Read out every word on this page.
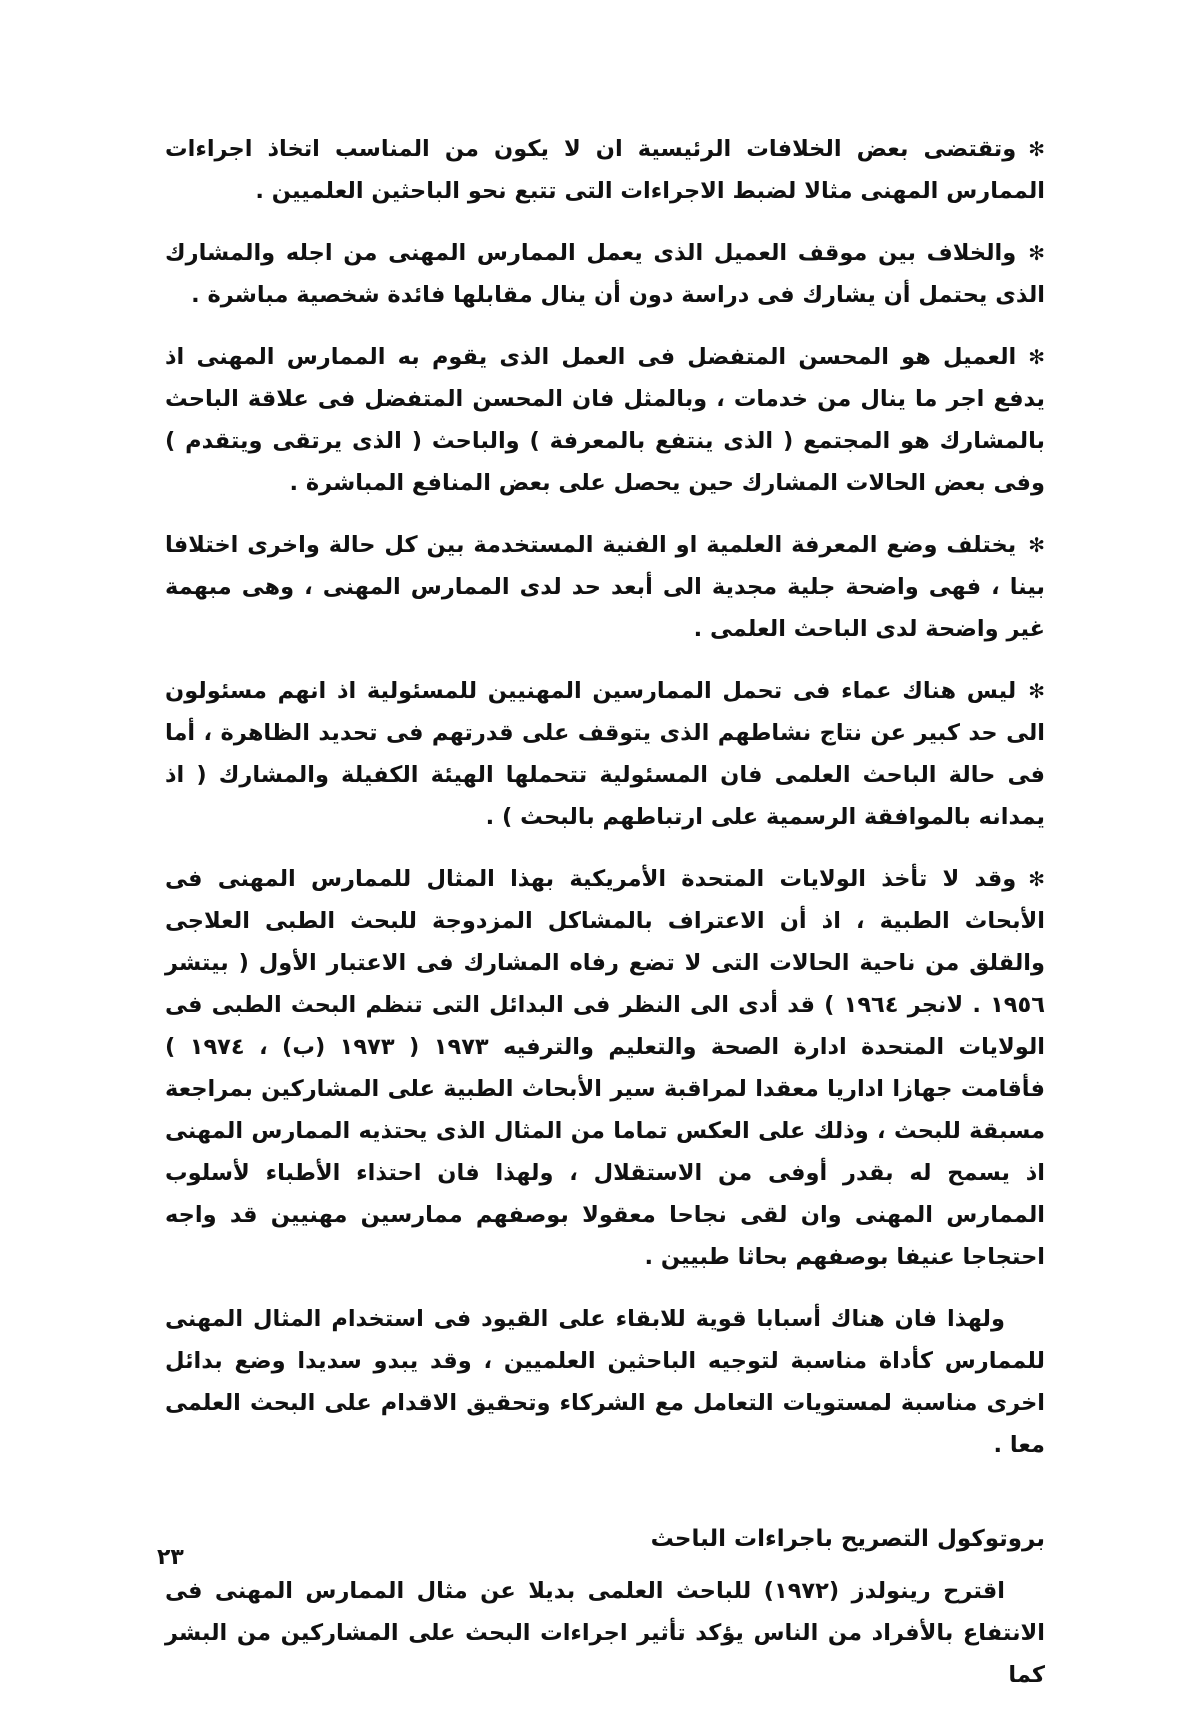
✻وتقتضى بعض الخلافات الرئيسية ان لا يكون من المناسب اتخاذ اجراءات الممارس المهنى مثالا لضبط الاجراءات التى تتبع نحو الباحثين العلميين .

✻والخلاف بين موقف العميل الذى يعمل الممارس المهنى من اجله والمشارك الذى يحتمل أن يشارك فى دراسة دون أن ينال مقابلها فائدة شخصية مباشرة .

✻العميل هو المحسن المتفضل فى العمل الذى يقوم به الممارس المهنى اذ يدفع اجر ما ينال من خدمات ، وبالمثل فان المحسن المتفضل فى علاقة الباحث بالمشارك هو المجتمع ( الذى ينتفع بالمعرفة ) والباحث ( الذى يرتقى ويتقدم ) وفى بعض الحالات المشارك حين يحصل على بعض المنافع المباشرة .

✻يختلف وضع المعرفة العلمية او الفنية المستخدمة بين كل حالة واخرى اختلافا بينا ، فهى واضحة جلية مجدية الى أبعد حد لدى الممارس المهنى ، وهى مبهمة غير واضحة لدى الباحث العلمى .

✻ليس هناك عماء فى تحمل الممارسين المهنيين للمسئولية اذ انهم مسئولون الى حد كبير عن نتاج نشاطهم الذى يتوقف على قدرتهم فى تحديد الظاهرة ، أما فى حالة الباحث العلمى فان المسئولية تتحملها الهيئة الكفيلة والمشارك ( اذ يمدانه بالموافقة الرسمية على ارتباطهم بالبحث ) .

✻وقد لا تأخذ الولايات المتحدة الأمريكية بهذا المثال للممارس المهنى فى الأبحاث الطبية ، اذ أن الاعتراف بالمشاكل المزدوجة للبحث الطبى العلاجى والقلق من ناحية الحالات التى لا تضع رفاه المشارك فى الاعتبار الأول ( بيتشر ١٩٥٦ . لانجر ١٩٦٤ ) قد أدى الى النظر فى البدائل التى تنظم البحث الطبى فى الولايات المتحدة ادارة الصحة والتعليم والترفيه ١٩٧٣ ( ١٩٧٣ (ب) ، ١٩٧٤ ) فأقامت جهازا اداريا معقدا لمراقبة سير الأبحاث الطبية على المشاركين بمراجعة مسبقة للبحث ، وذلك على العكس تماما من المثال الذى يحتذيه الممارس المهنى اذ يسمح له بقدر أوفى من الاستقلال ، ولهذا فان احتذاء الأطباء لأسلوب الممارس المهنى وان لقى نجاحا معقولا بوصفهم ممارسين مهنيين قد واجه احتجاجا عنيفا بوصفهم بحاثا طبيين .

ولهذا فان هناك أسبابا قوية للابقاء على القيود فى استخدام المثال المهنى للممارس كأداة مناسبة لتوجيه الباحثين العلميين ، وقد يبدو سديدا وضع بدائل اخرى مناسبة لمستويات التعامل مع الشركاء وتحقيق الاقدام على البحث العلمى معا .

بروتوكول التصريح باجراءات الباحث

اقترح رينولدز (١٩٧٢) للباحث العلمى بديلا عن مثال الممارس المهنى فى الانتفاع بالأفراد من الناس يؤكد تأثير اجراءات البحث على المشاركين من البشر كما

٢٣
